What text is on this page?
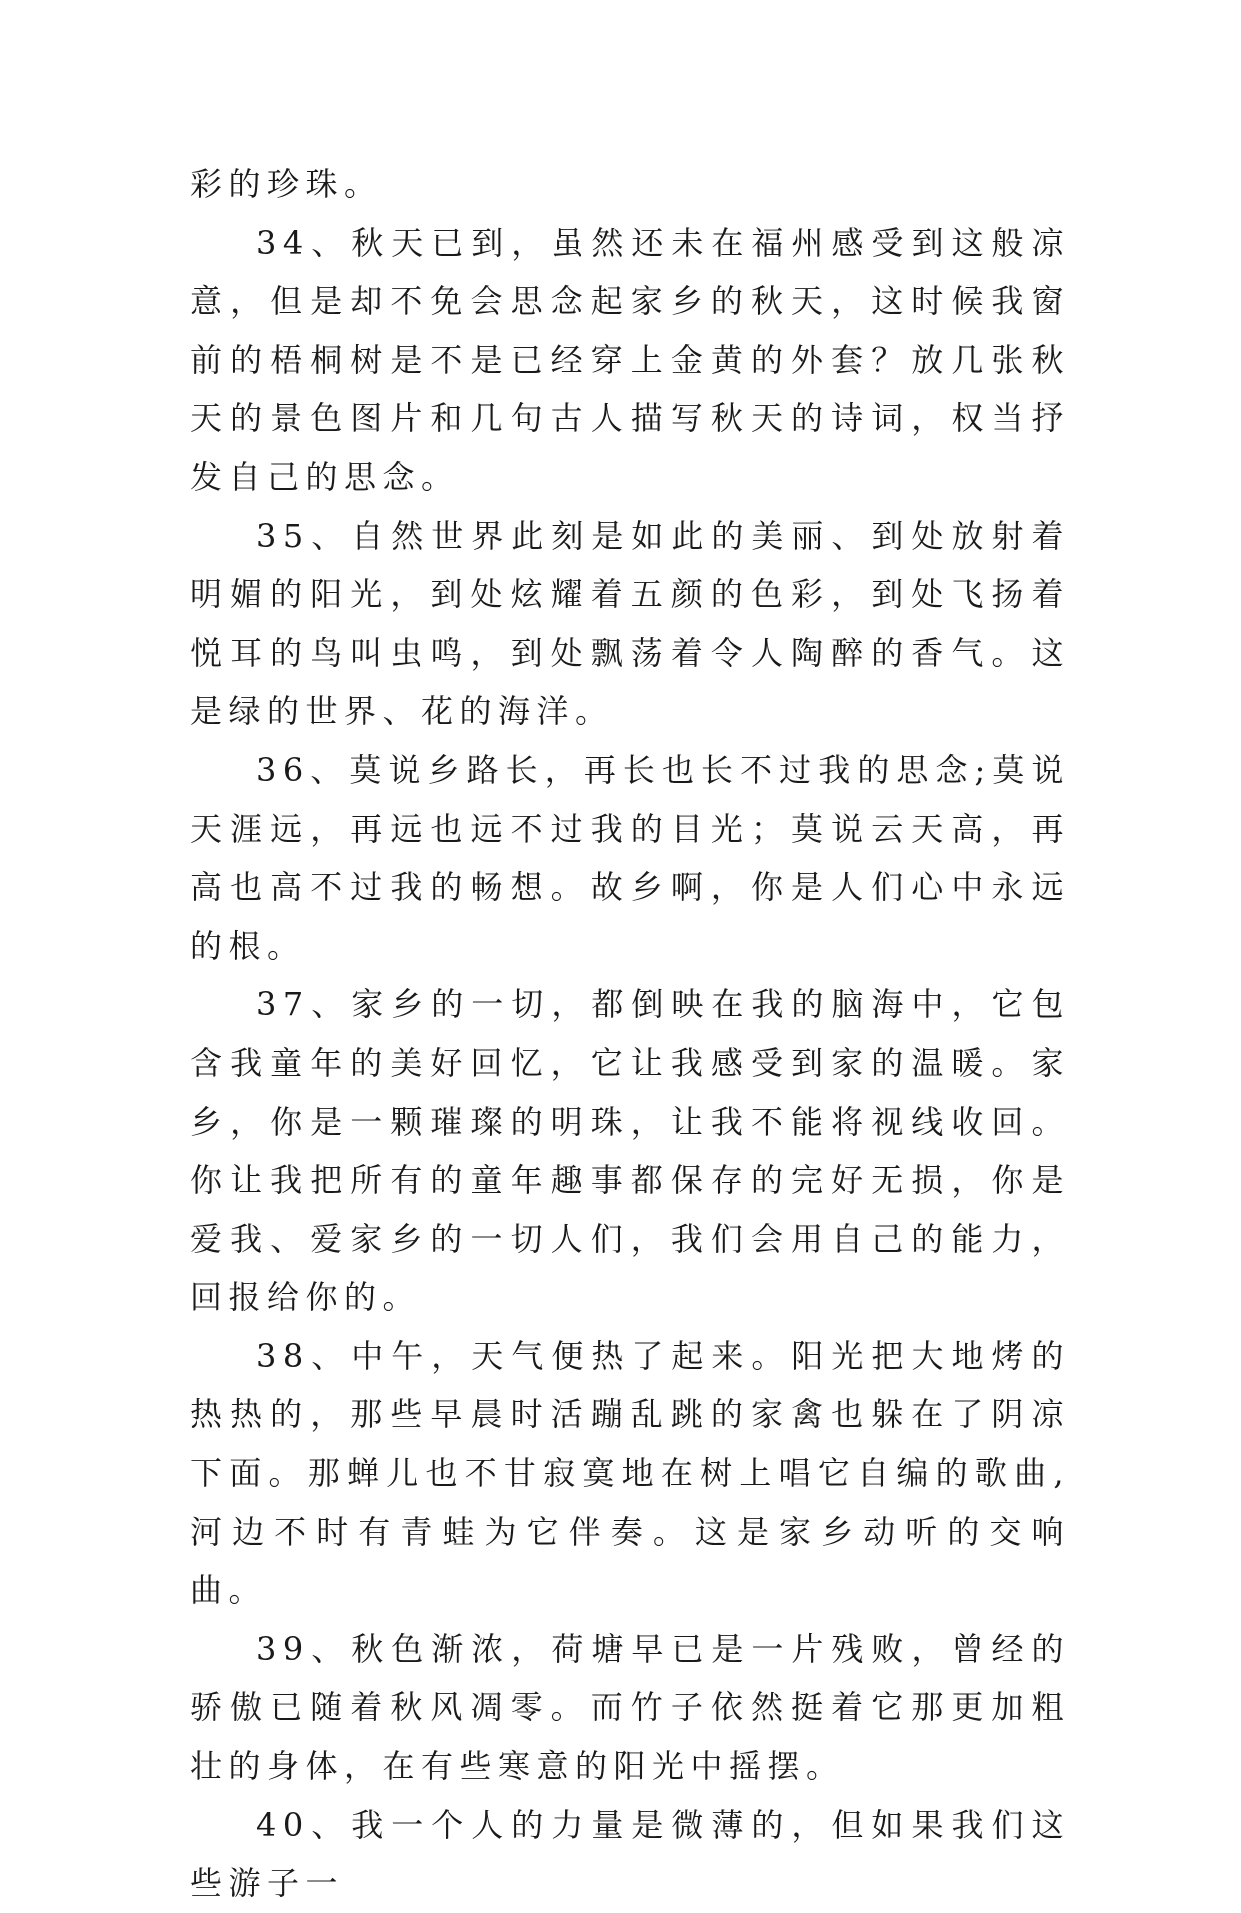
彩的珍珠。

34、秋天已到，虽然还未在福州感受到这般凉意，但是却不免会思念起家乡的秋天，这时候我窗前的梧桐树是不是已经穿上金黄的外套？放几张秋天的景色图片和几句古人描写秋天的诗词，权当抒发自己的思念。

35、自然世界此刻是如此的美丽、到处放射着明媚的阳光，到处炫耀着五颜的色彩，到处飞扬着悦耳的鸟叫虫鸣，到处飘荡着令人陶醉的香气。这是绿的世界、花的海洋。

36、莫说乡路长，再长也长不过我的思念;莫说天涯远，再远也远不过我的目光；莫说云天高，再高也高不过我的畅想。故乡啊，你是人们心中永远的根。

37、家乡的一切，都倒映在我的脑海中，它包含我童年的美好回忆，它让我感受到家的温暖。家乡，你是一颗璀璨的明珠，让我不能将视线收回。你让我把所有的童年趣事都保存的完好无损，你是爱我、爱家乡的一切人们，我们会用自己的能力，回报给你的。

38、中午，天气便热了起来。阳光把大地烤的热热的，那些早晨时活蹦乱跳的家禽也躲在了阴凉下面。那蝉儿也不甘寂寞地在树上唱它自编的歌曲,河边不时有青蛙为它伴奏。这是家乡动听的交响曲。

39、秋色渐浓，荷塘早已是一片残败，曾经的骄傲已随着秋风凋零。而竹子依然挺着它那更加粗壮的身体，在有些寒意的阳光中摇摆。

40、我一个人的力量是微薄的，但如果我们这些游子一
